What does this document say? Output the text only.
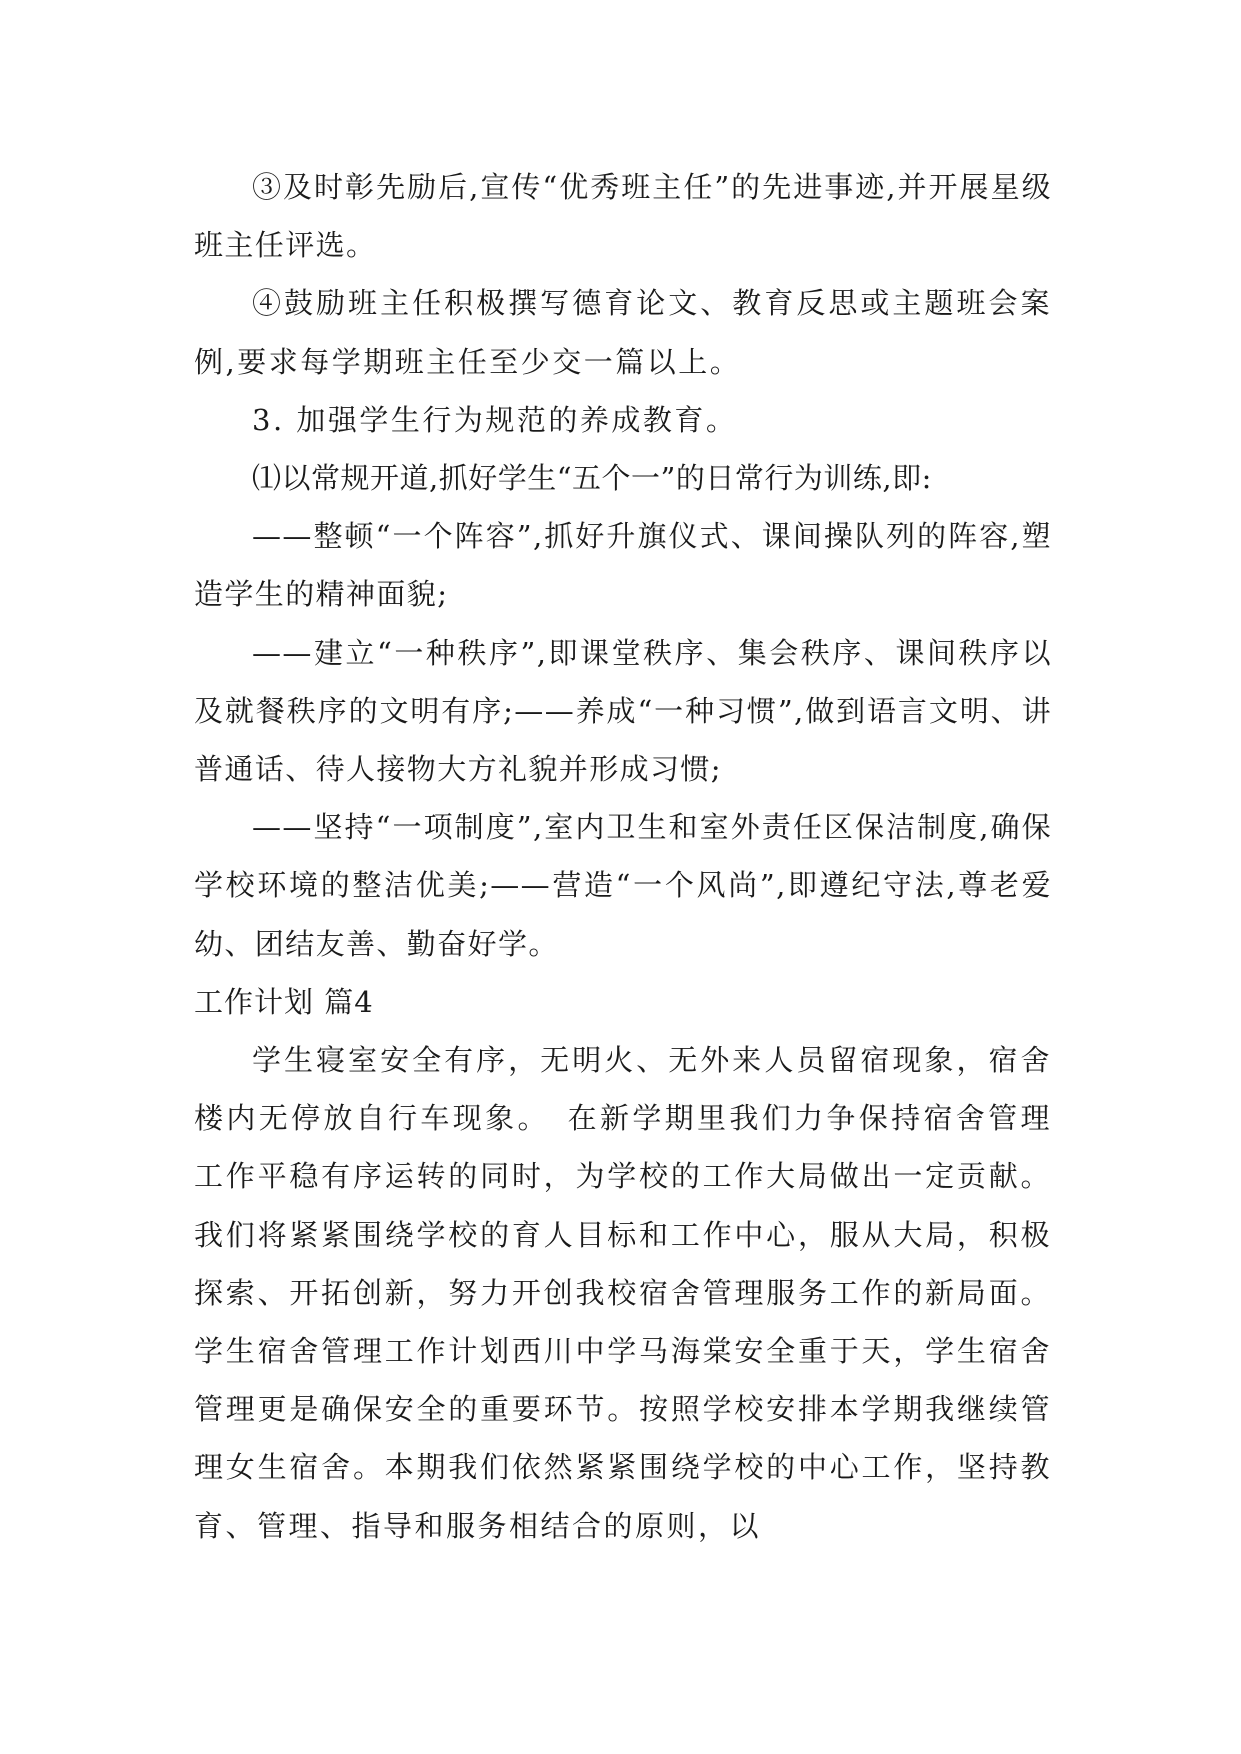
③及时彰先励后,宣传“优秀班主任”的先进事迹,并开展星级班主任评选。

④鼓励班主任积极撰写德育论文、教育反思或主题班会案例,要求每学期班主任至少交一篇以上。

3. 加强学生行为规范的养成教育。

⑴以常规开道,抓好学生“五个一”的日常行为训练,即:

——整顿“一个阵容”,抓好升旗仪式、课间操队列的阵容,塑造学生的精神面貌;

——建立“一种秩序”,即课堂秩序、集会秩序、课间秩序以及就餐秩序的文明有序;——养成“一种习惯”,做到语言文明、讲普通话、待人接物大方礼貌并形成习惯;

——坚持“一项制度”,室内卫生和室外责任区保洁制度,确保学校环境的整洁优美;——营造“一个风尚”,即遵纪守法,尊老爱幼、团结友善、勤奋好学。

工作计划 篇4

学生寝室安全有序，无明火、无外来人员留宿现象，宿舍楼内无停放自行车现象。　在新学期里我们力争保持宿舍管理工作平稳有序运转的同时，为学校的工作大局做出一定贡献。我们将紧紧围绕学校的育人目标和工作中心，服从大局，积极探索、开拓创新，努力开创我校宿舍管理服务工作的新局面。学生宿舍管理工作计划西川中学马海棠安全重于天，学生宿舍管理更是确保安全的重要环节。按照学校安排本学期我继续管理女生宿舍。本期我们依然紧紧围绕学校的中心工作，坚持教育、管理、指导和服务相结合的原则，以
